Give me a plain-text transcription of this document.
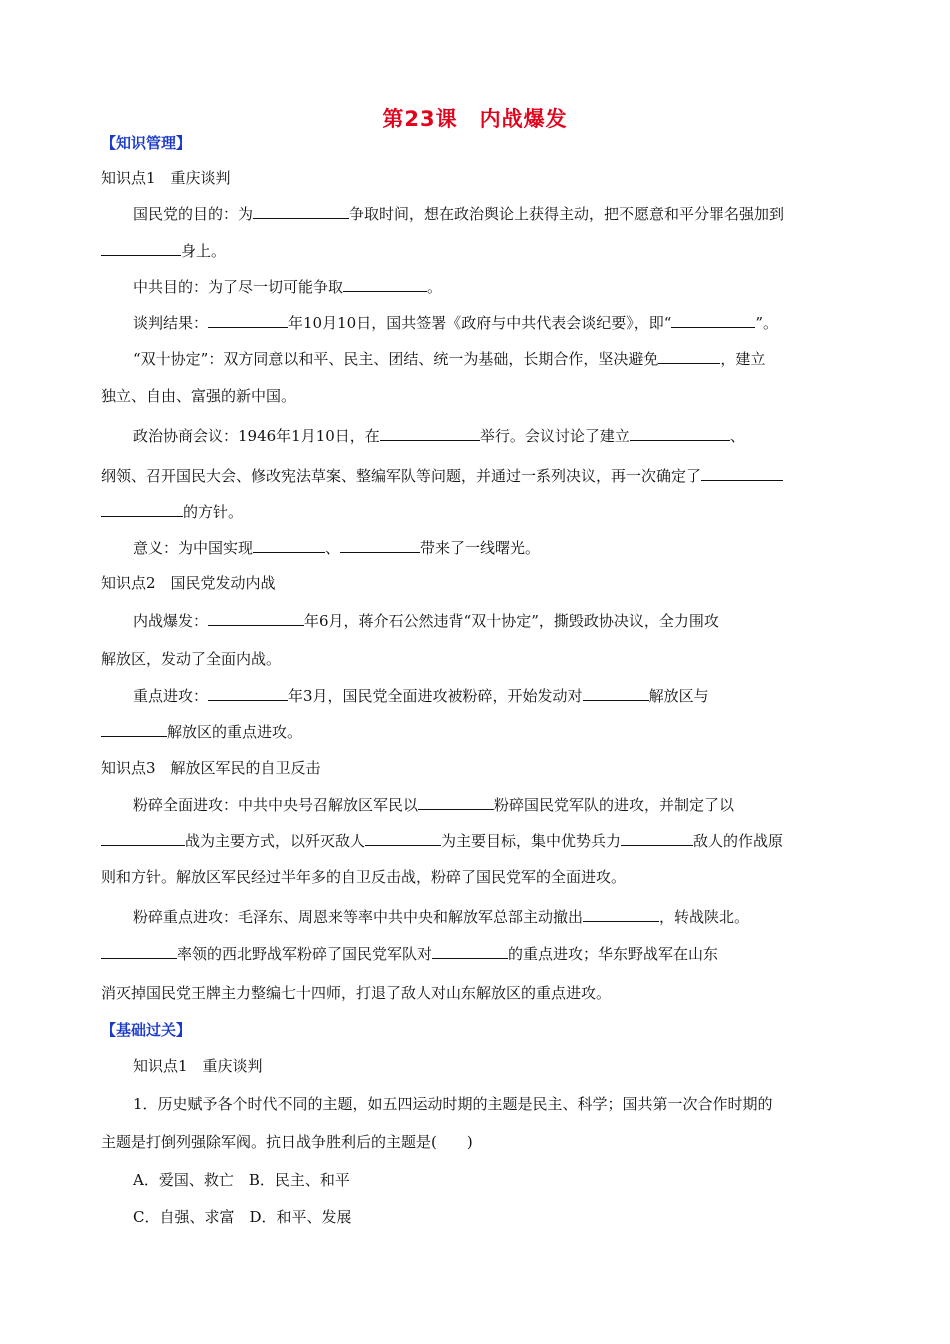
第23课　内战爆发
【知识管理】
知识点1　重庆谈判
国民党的目的：为	争取时间，想在政治舆论上获得主动，把不愿意和平分罪名强加到
身上。
中共目的：为了尽一切可能争取	。
谈判结果：	年10月10日，国共签署《政府与中共代表会谈纪要》，即“	”。
“双十协定”：双方同意以和平、民主、团结、统一为基础，长期合作，坚决避免	，建立
独立、自由、富强的新中国。
政治协商会议：1946年1月10日，在	举行。会议讨论了建立	、
纲领、召开国民大会、修改宪法草案、整编军队等问题，并通过一系列决议，再一次确定了
的方针。
意义：为中国实现	、	带来了一线曙光。
知识点2　国民党发动内战
内战爆发：	年6月，蒋介石公然违背“双十协定”，撕毁政协决议，全力围攻
解放区，发动了全面内战。
重点进攻：	年3月，国民党全面进攻被粉碎，开始发动对	解放区与
解放区的重点进攻。
知识点3　解放区军民的自卫反击
粉碎全面进攻：中共中央号召解放区军民以	粉碎国民党军队的进攻，并制定了以
战为主要方式，以歼灭敌人	为主要目标，集中优势兵力	敌人的作战原
则和方针。解放区军民经过半年多的自卫反击战，粉碎了国民党军的全面进攻。
粉碎重点进攻：毛泽东、周恩来等率中共中央和解放军总部主动撤出	，转战陕北。
率领的西北野战军粉碎了国民党军队对	的重点进攻；华东野战军在山东
消灭掉国民党王牌主力整编七十四师，打退了敌人对山东解放区的重点进攻。
【基础过关】
知识点1　重庆谈判
1．历史赋予各个时代不同的主题，如五四运动时期的主题是民主、科学；国共第一次合作时期的
主题是打倒列强除军阀。抗日战争胜利后的主题是(　　)
A．爱国、救亡　B．民主、和平
C．自强、求富　D．和平、发展
